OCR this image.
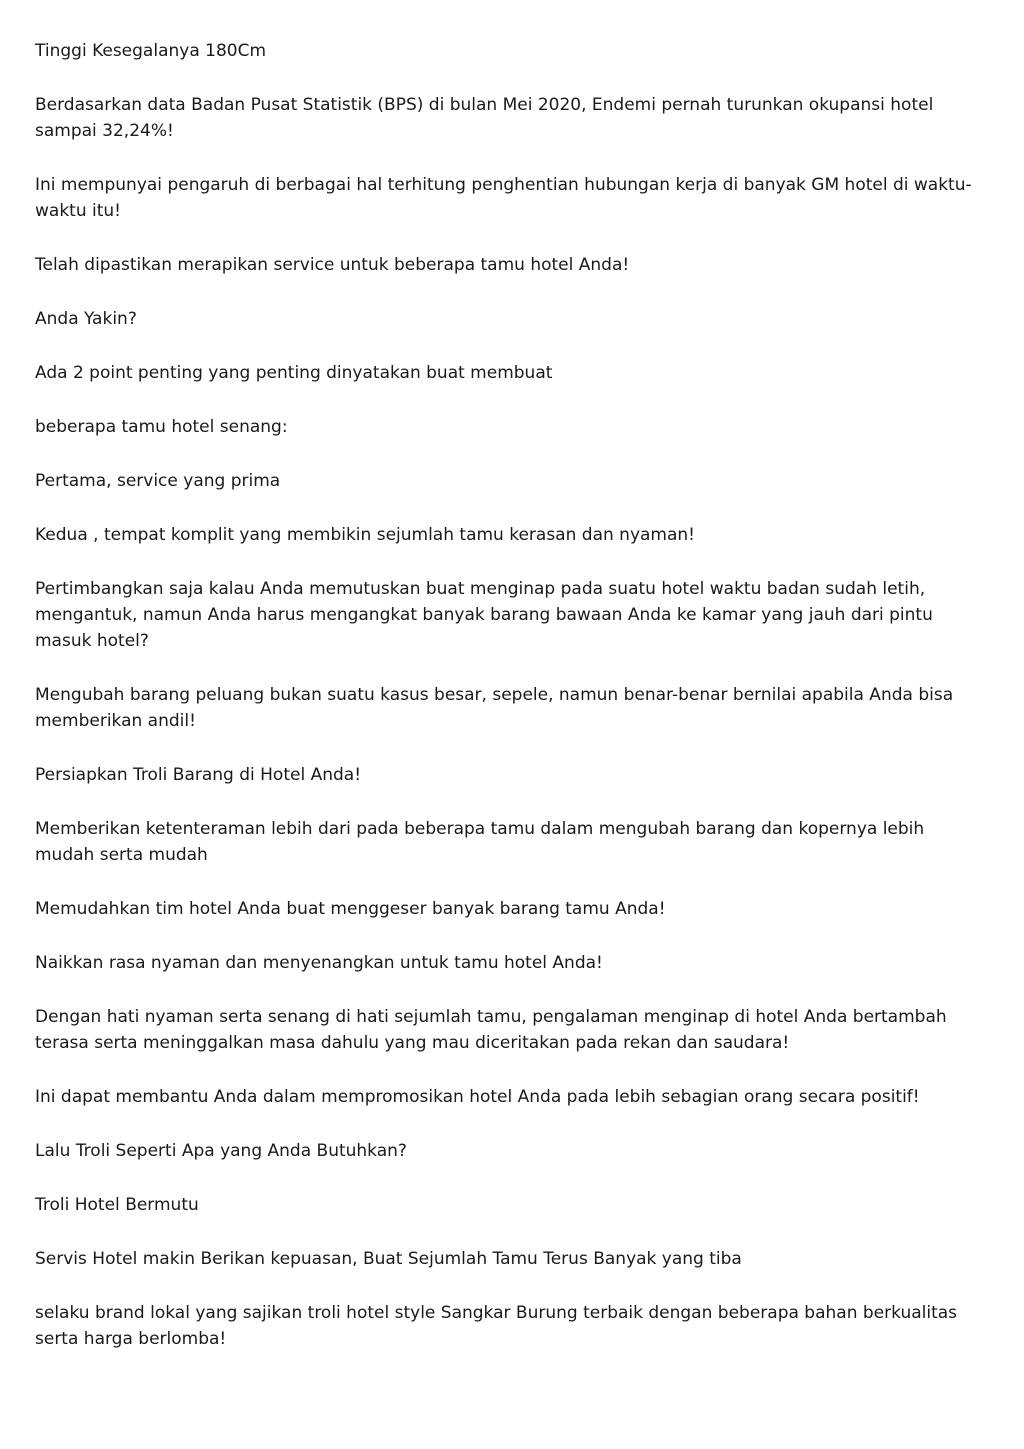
Tinggi Kesegalanya 180Cm

Berdasarkan data Badan Pusat Statistik (BPS) di bulan Mei 2020, Endemi pernah turunkan okupansi hotel sampai 32,24%!

Ini mempunyai pengaruh di berbagai hal terhitung penghentian hubungan kerja di banyak GM hotel di waktu-waktu itu!

Telah dipastikan merapikan service untuk beberapa tamu hotel Anda!

Anda Yakin?

Ada 2 point penting yang penting dinyatakan buat membuat

beberapa tamu hotel senang:

Pertama, service yang prima

Kedua , tempat komplit yang membikin sejumlah tamu kerasan dan nyaman!

Pertimbangkan saja kalau Anda memutuskan buat menginap pada suatu hotel waktu badan sudah letih, mengantuk, namun Anda harus mengangkat banyak barang bawaan Anda ke kamar yang jauh dari pintu masuk hotel?

Mengubah barang peluang bukan suatu kasus besar, sepele, namun benar-benar bernilai apabila Anda bisa memberikan andil!

Persiapkan Troli Barang di Hotel Anda!

Memberikan ketenteraman lebih dari pada beberapa tamu dalam mengubah barang dan kopernya lebih mudah serta mudah

Memudahkan tim hotel Anda buat menggeser banyak barang tamu Anda!

Naikkan rasa nyaman dan menyenangkan untuk tamu hotel Anda!

Dengan hati nyaman serta senang di hati sejumlah tamu, pengalaman menginap di hotel Anda bertambah terasa serta meninggalkan masa dahulu yang mau diceritakan pada rekan dan saudara!

Ini dapat membantu Anda dalam mempromosikan hotel Anda pada lebih sebagian orang secara positif!

Lalu Troli Seperti Apa yang Anda Butuhkan?

Troli Hotel Bermutu

Servis Hotel makin Berikan kepuasan, Buat Sejumlah Tamu Terus Banyak yang tiba

selaku brand lokal yang sajikan troli hotel style Sangkar Burung terbaik dengan beberapa bahan berkualitas serta harga berlomba!
